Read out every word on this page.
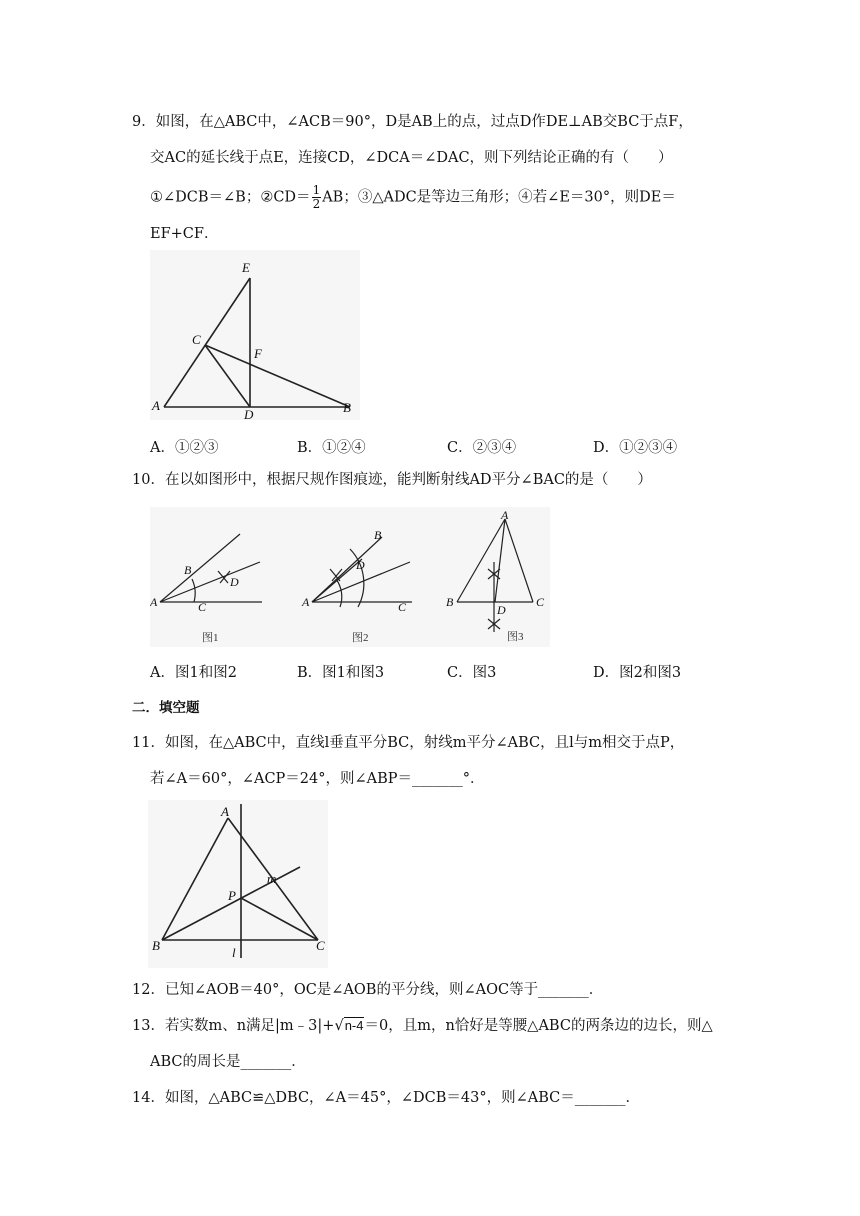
9．如图，在△ABC中，∠ACB＝90°，D是AB上的点，过点D作DE⊥AB交BC于点F，
交AC的延长线于点E，连接CD，∠DCA＝∠DAC，则下列结论正确的有（　　）
①∠DCB＝∠B；②CD＝ $\frac{1}{2}$ AB；③△ADC是等边三角形；④若∠E＝30°，则DE＝
EF+CF．
E
C
F
A
D	B
A．①②③	B．①②④	C．②③④	D．①②③④
10．在以如图形中，根据尺规作图痕迹，能判断射线AD平分∠BAC的是（　　）
A
B
C
D
图1
A
B
C
D
图2
A
B	C
D
图3
A．图1和图2	B．图1和图3	C．图3	D．图2和图3
二．填空题
11．如图，在△ABC中，直线l垂直平分BC，射线m平分∠ABC，且l与m相交于点P，
若∠A＝60°，∠ACP＝24°，则∠ABP＝_______°．
A
m
P
B	l	C
12．已知∠AOB＝40°，OC是∠AOB的平分线，则∠AOC等于_______．
13．若实数m、n满足|m﹣3|+√n-4＝0，且m，n恰好是等腰△ABC的两条边的边长，则△
ABC的周长是_______．
14．如图，△ABC≌△DBC，∠A＝45°，∠DCB＝43°，则∠ABC＝_______．
